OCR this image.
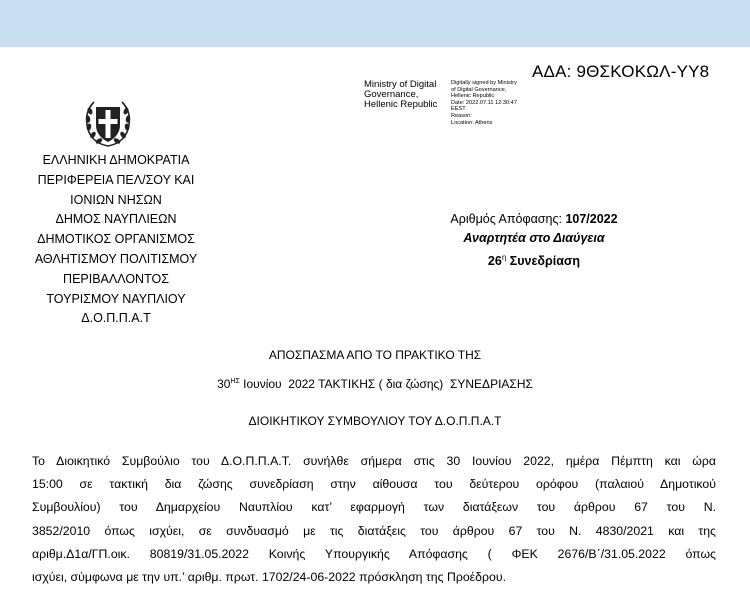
ΑΔΑ: 9ΘΣΚΟΚΩΛ-ΥΥ8
Ministry of Digital
Governance,
Hellenic Republic
Digitally signed by Ministry
of Digital Governance,
Hellenic Republic
Date: 2022.07.11 12:30:47
EEST
Reason:
Location: Athens
ΕΛΛΗΝΙΚΗ ΔΗΜΟΚΡΑΤΙΑ
ΠΕΡΙΦΕΡΕΙΑ ΠΕΛ/ΣΟΥ ΚΑΙ
ΙΟΝΙΩΝ ΝΗΣΩΝ
ΔΗΜΟΣ ΝΑΥΠΛΙΕΩΝ
ΔΗΜΟΤΙΚΟΣ ΟΡΓΑΝΙΣΜΟΣ
ΑΘΛΗΤΙΣΜΟΥ ΠΟΛΙΤΙΣΜΟΥ
ΠΕΡΙΒΑΛΛΟΝΤΟΣ
ΤΟΥΡΙΣΜΟΥ ΝΑΥΠΛΙΟΥ
Δ.Ο.Π.Π.Α.Τ
Αριθμός Απόφασης: 107/2022
Αναρτητέα στο Διαύγεια
$26^\eta$ Συνεδρίαση
ΑΠΟΣΠΑΣΜΑ ΑΠΟ ΤΟ ΠΡΑΚΤΙΚΟ ΤΗΣ
$30^{H\Sigma}$ Ιουνίου  2022 ΤΑΚΤΙΚΗΣ ( δια ζώσης)  ΣΥΝΕΔΡΙΑΣΗΣ
ΔΙΟΙΚΗΤΙΚΟΥ ΣΥΜΒΟΥΛΙΟΥ ΤΟΥ Δ.Ο.Π.Π.Α.Τ
Το Διοικητικό Συμβούλιο του Δ.Ο.Π.Π.Α.Τ. συνήλθε σήμερα στις 30 Ιουνίου 2022, ημέρα Πέμπτη και ώρα
15:00 σε τακτική δια ζώσης συνεδρίαση στην αίθουσα του δεύτερου ορόφου (παλαιού Δημοτικού
Συμβουλίου) του Δημαρχείου Ναυπλίου κατ’ εφαρμογή των διατάξεων του άρθρου 67 του Ν.
3852/2010 όπως ισχύει, σε συνδυασμό με τις διατάξεις του άρθρου 67 του Ν. 4830/2021 και της
αριθμ.Δ1α/ΓΠ.οικ. 80819/31.05.2022 Κοινής Υπουργικής Απόφασης ( ΦΕΚ 2676/Β΄/31.05.2022 όπως
ισχύει, σύμφωνα με την υπ.’ αριθμ. πρωτ. 1702/24-06-2022 πρόσκληση της Προέδρου.
